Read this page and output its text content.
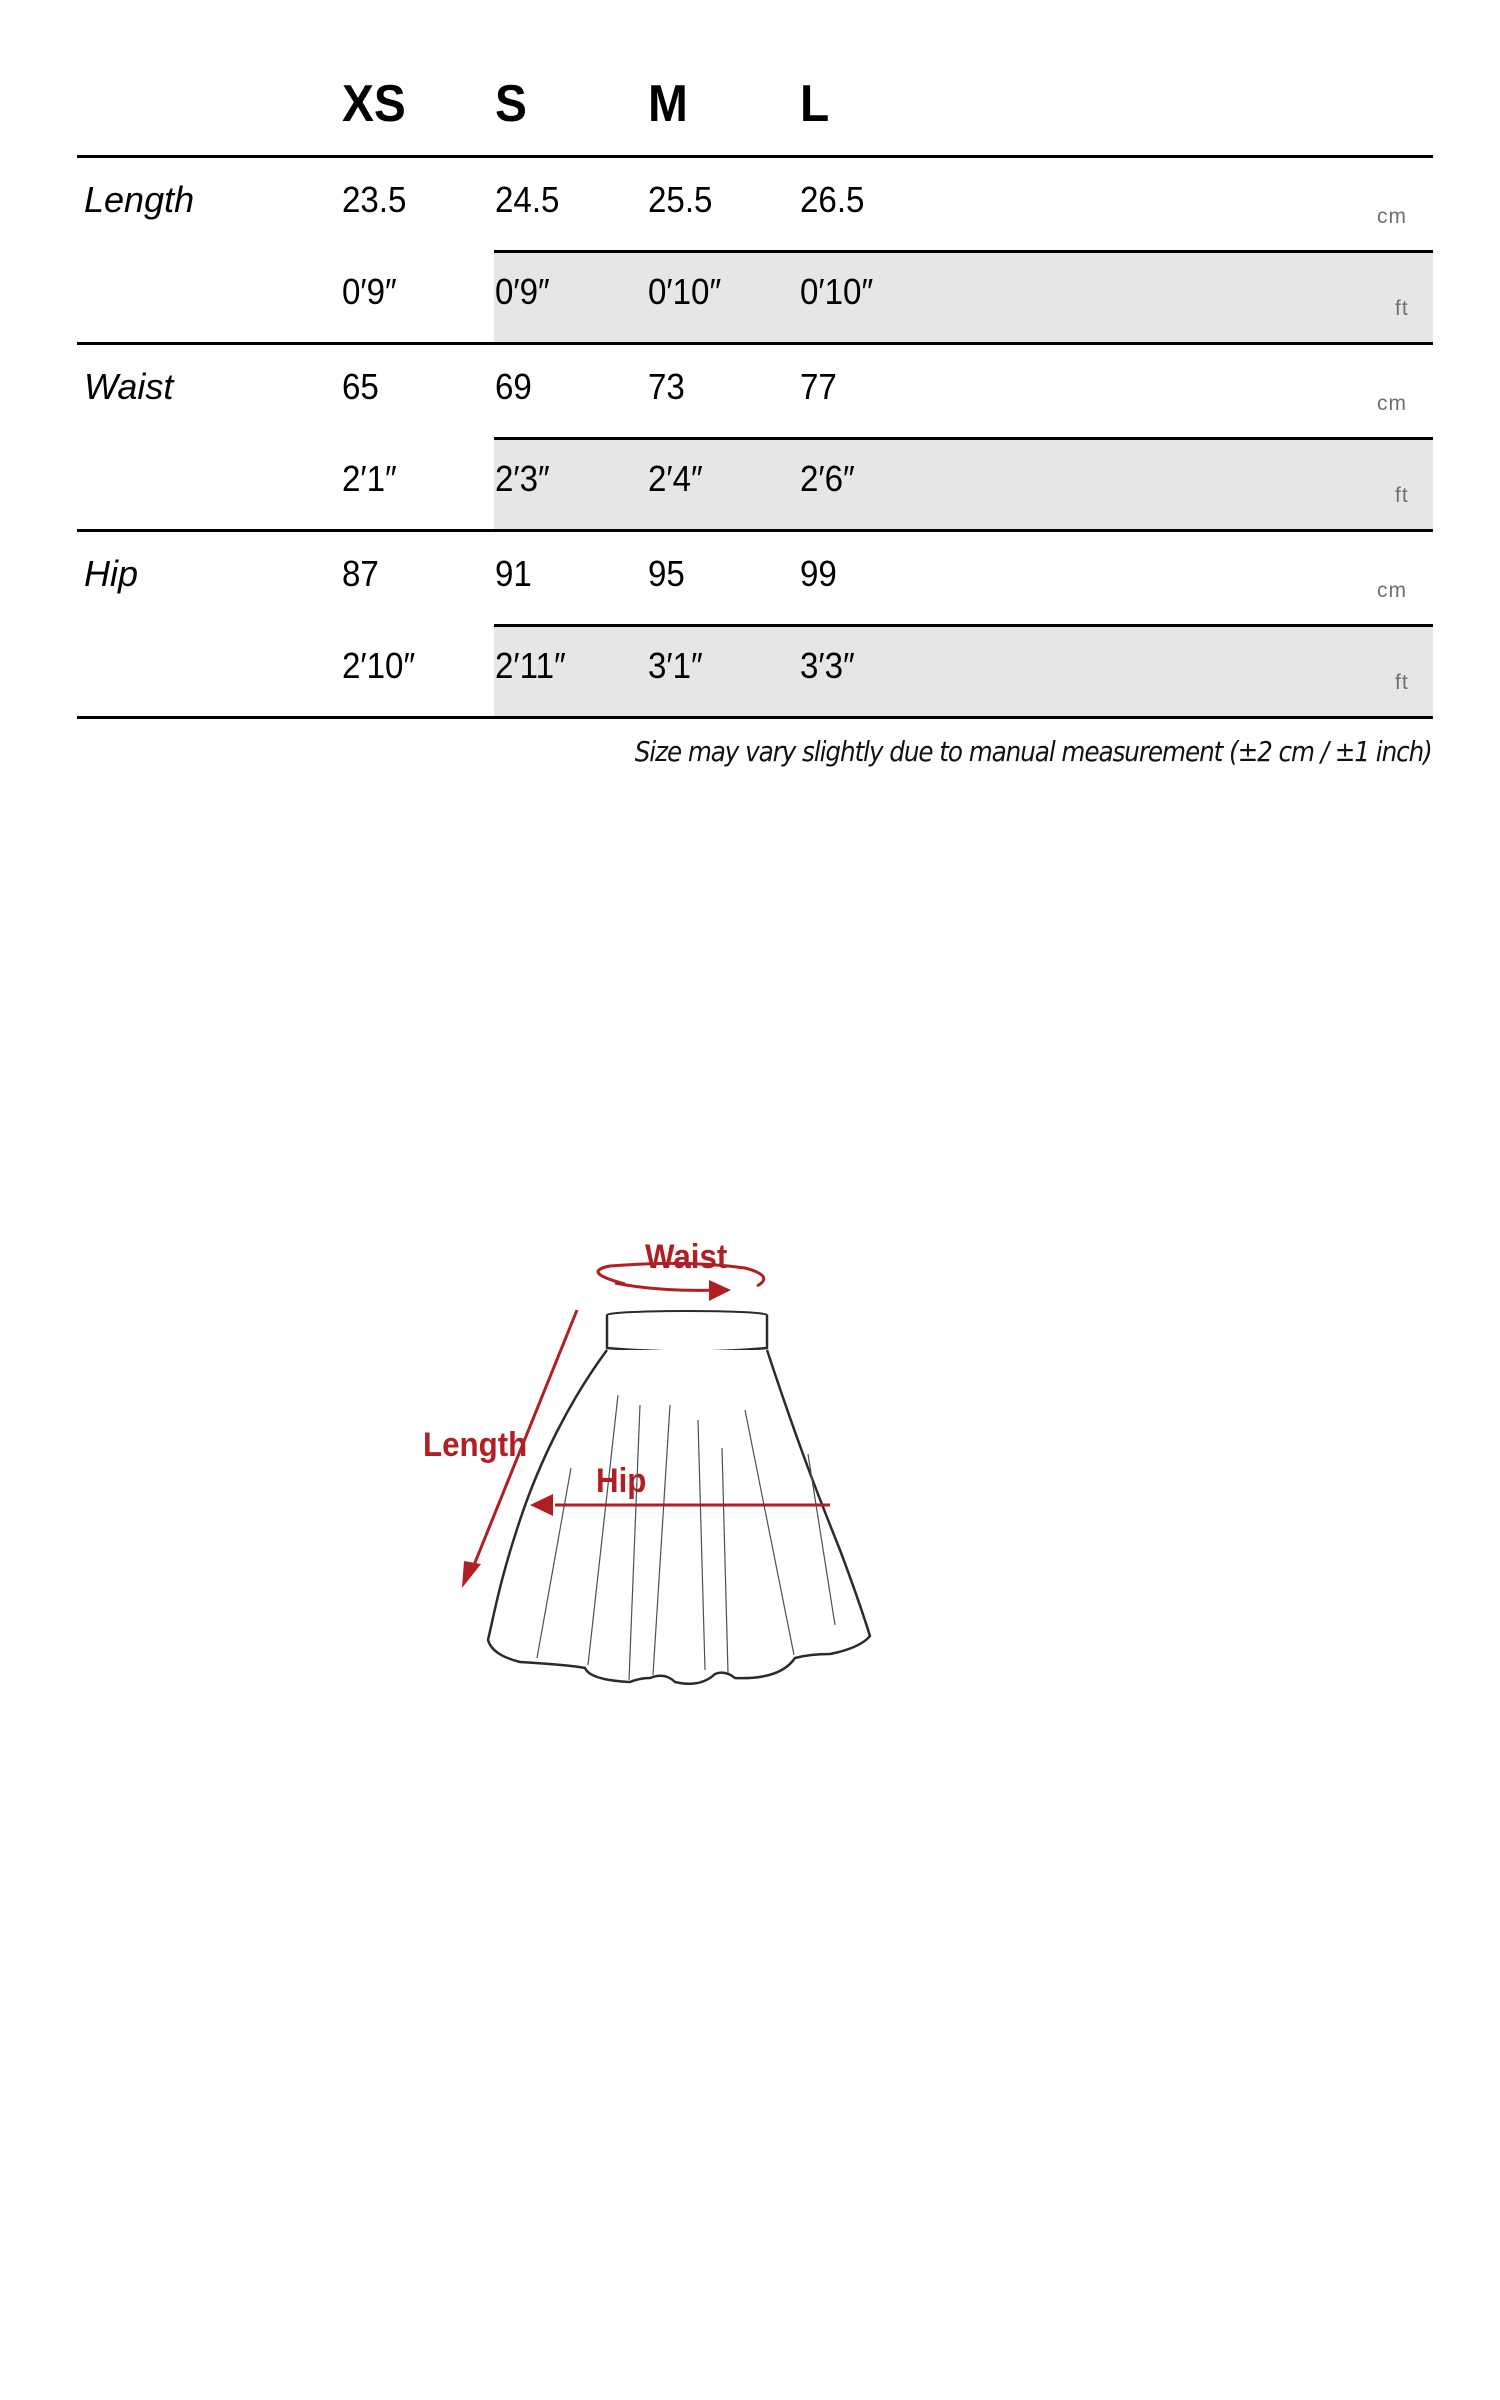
XS S M L
Length	23.5 24.5 25.5 26.5	cm
0′9″	0′9″	0′10″ 0′10″	ft
Waist	65	69	73	77	cm
2′1″	2′3″	2′4″	2′6″	ft
Hip	87	91	95	99	cm
2′10″ 2′11″ 3′1″	3′3″	ft
Size may vary slightly due to manual measurement (±2 cm / ±1 inch)
Waist
Length
Hip
